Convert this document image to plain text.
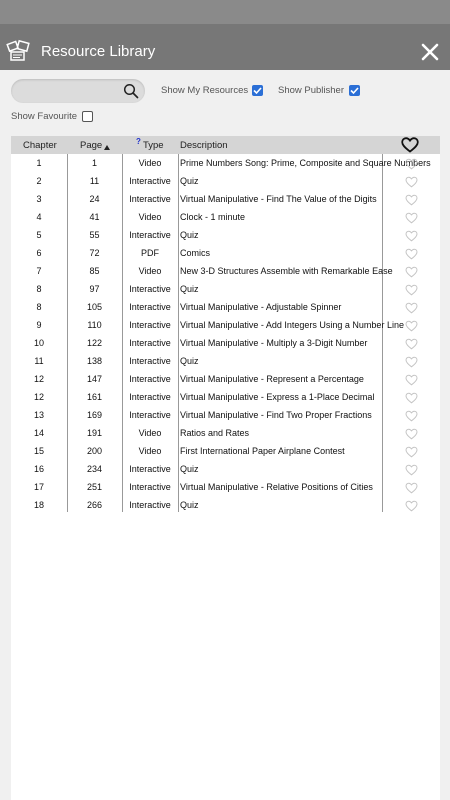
Resource Library
Show My Resources	Show Publisher
Show Favourite
Chapter Page	? Type Description
1	1	Video	Prime Numbers Song: Prime, Composite and Square Numbers
2	11	Interactive	Quiz
3	24	Interactive	Virtual Manipulative - Find The Value of the Digits
4	41	Video	Clock - 1 minute
5	55	Interactive	Quiz
6	72	PDF	Comics
7	85	Video	New 3-D Structures Assemble with Remarkable Ease
8	97	Interactive	Quiz
8	105	Interactive	Virtual Manipulative - Adjustable Spinner
9	110	Interactive	Virtual Manipulative - Add Integers Using a Number Line
10	122	Interactive	Virtual Manipulative - Multiply a 3-Digit Number
11	138	Interactive	Quiz
12	147	Interactive	Virtual Manipulative - Represent a Percentage
12	161	Interactive	Virtual Manipulative - Express a 1-Place Decimal
13	169	Interactive	Virtual Manipulative - Find Two Proper Fractions
14	191	Video	Ratios and Rates
15	200	Video	First International Paper Airplane Contest
16	234	Interactive	Quiz
17	251	Interactive	Virtual Manipulative - Relative Positions of Cities
18	266	Interactive	Quiz
